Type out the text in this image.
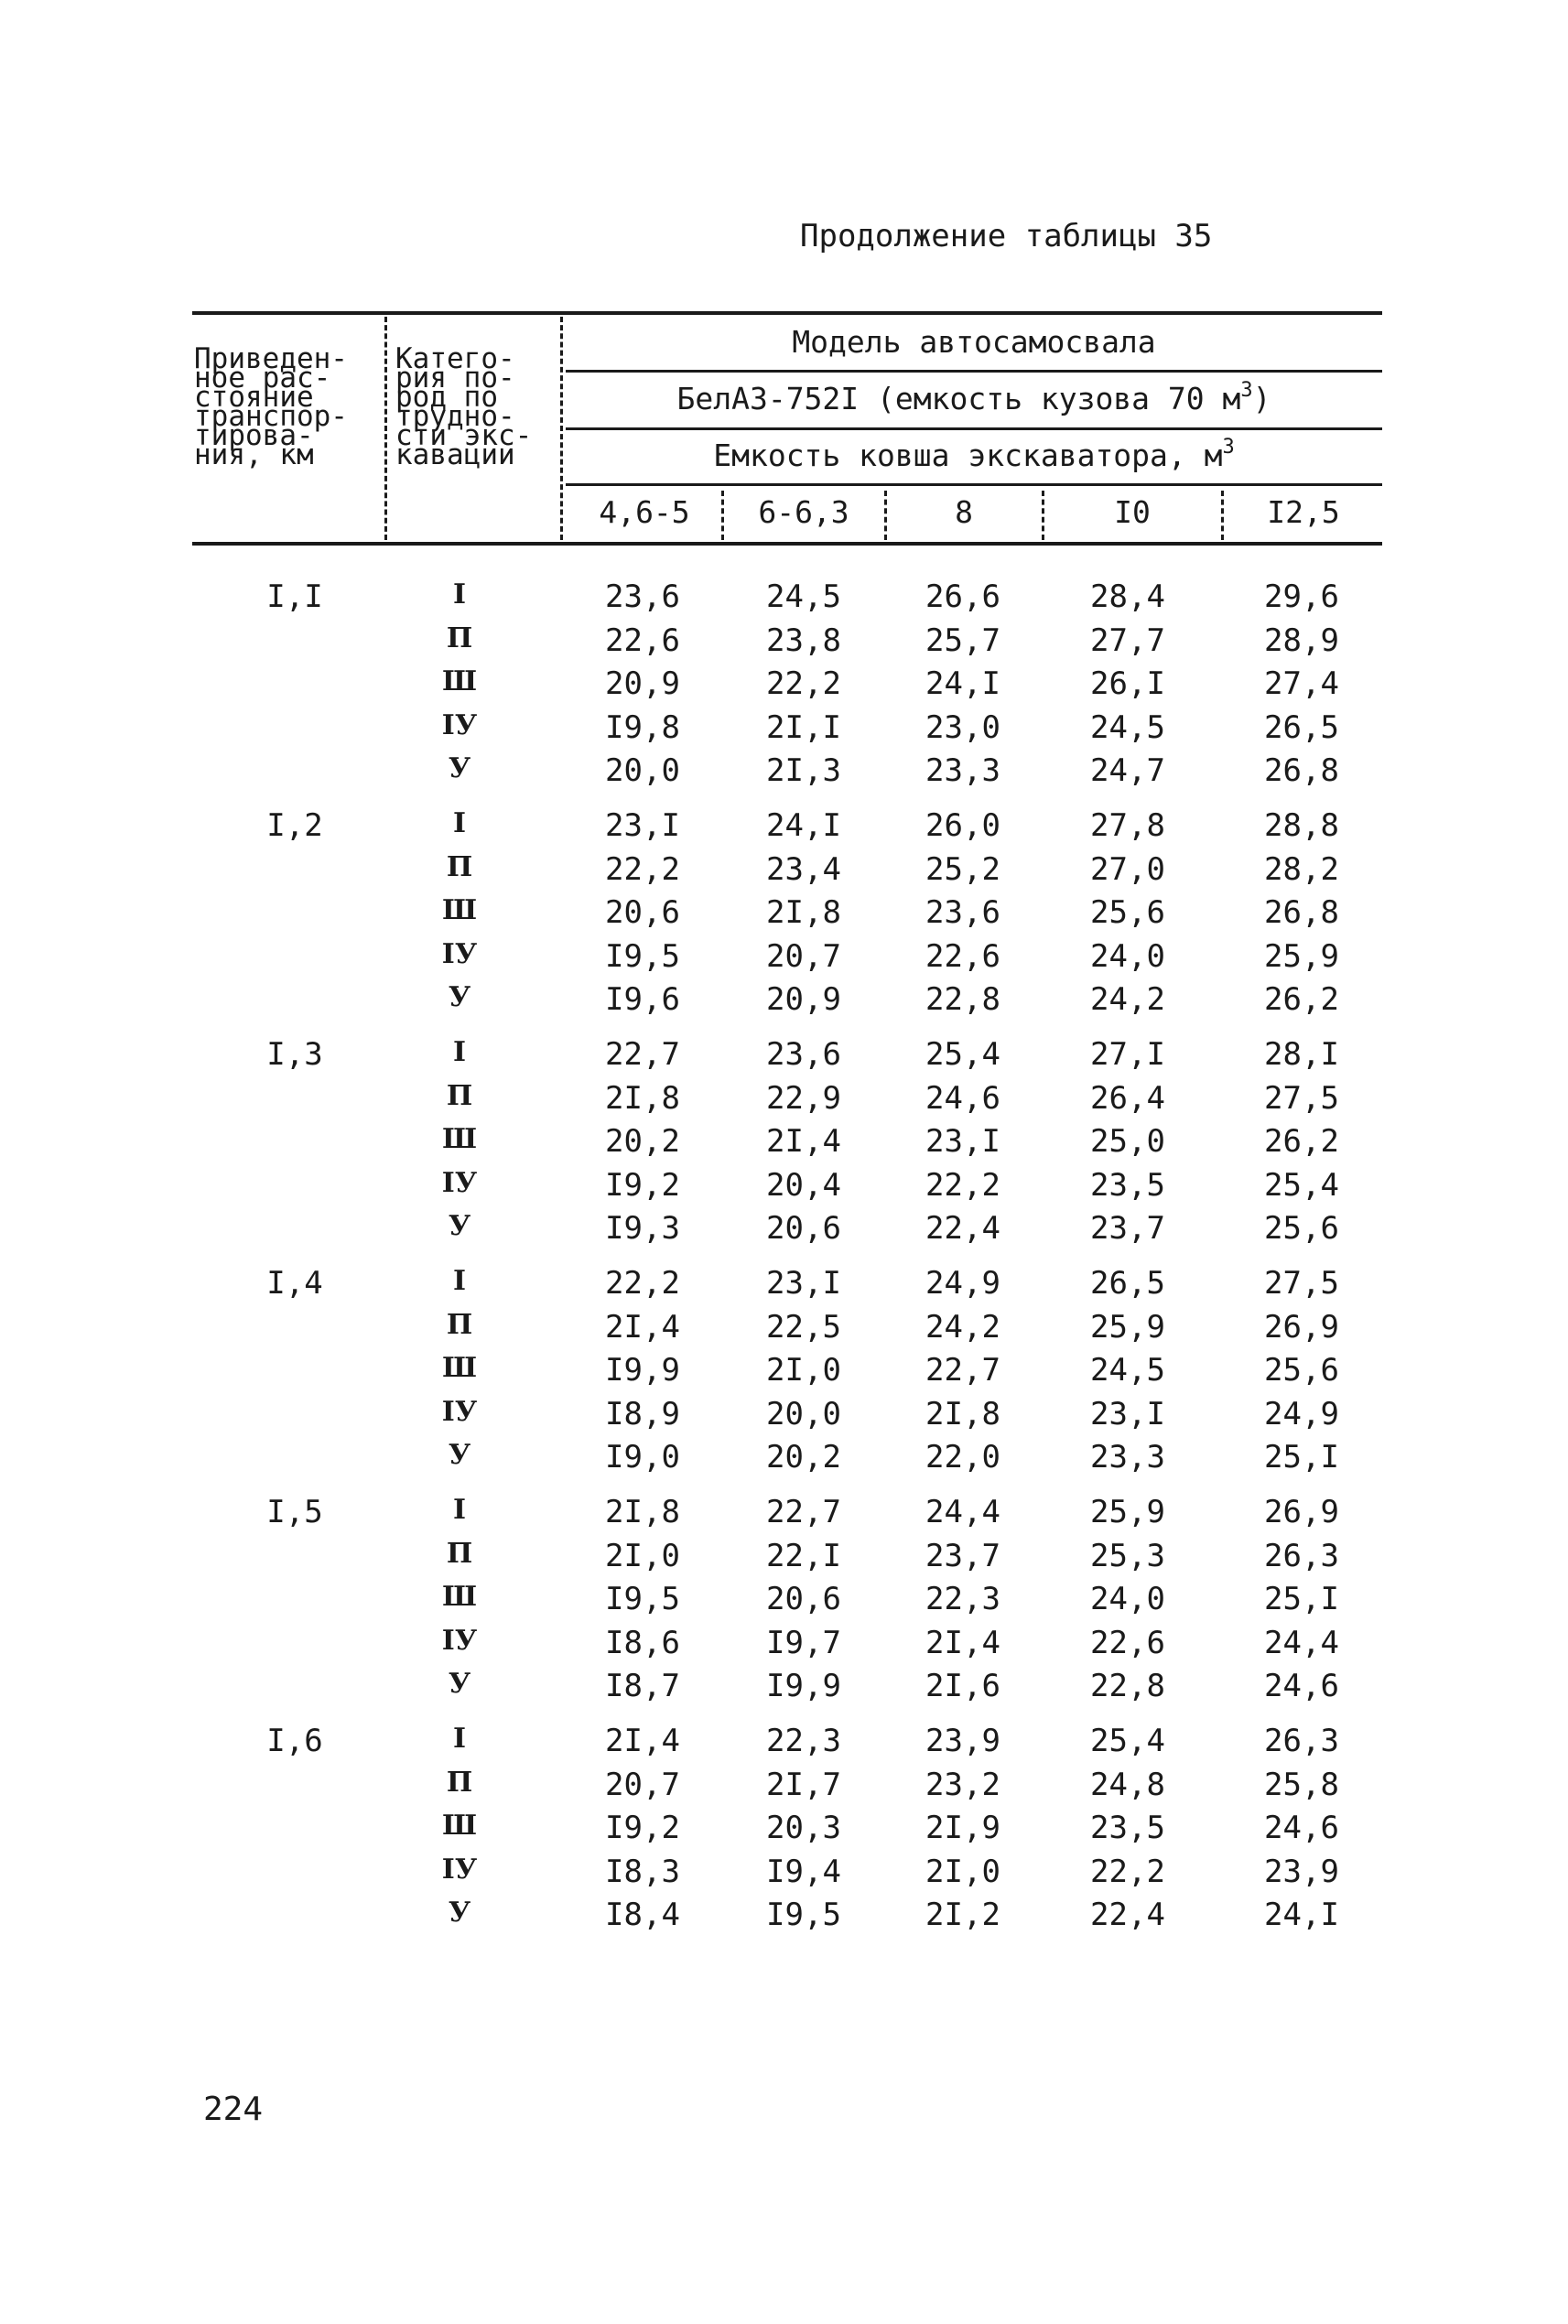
Продолжение таблицы 35
Приведен-
ное рас-
стояние
транспор-
тирова-
ния, км
Катего-
рия по-
род по
трудно-
сти экс-
кавации
Модель автосамосвала
БелАЗ-752I (емкость кузова 70 $м^3$)
Емкость ковша экскаватора, $м^3$
4,6-5	6-6,3	8	I0	I2,5
I,I	I	23,6	24,5	26,6	28,4	29,6
П	22,6	23,8	25,7	27,7	28,9
Ш	20,9	22,2	24,I	26,I	27,4
IУ	I9,8	2I,I	23,0	24,5	26,5
У	20,0	2I,3	23,3	24,7	26,8
I,2	I	23,I	24,I	26,0	27,8	28,8
П	22,2	23,4	25,2	27,0	28,2
Ш	20,6	2I,8	23,6	25,6	26,8
IУ	I9,5	20,7	22,6	24,0	25,9
У	I9,6	20,9	22,8	24,2	26,2
I,3	I	22,7	23,6	25,4	27,I	28,I
П	2I,8	22,9	24,6	26,4	27,5
Ш	20,2	2I,4	23,I	25,0	26,2
IУ	I9,2	20,4	22,2	23,5	25,4
У	I9,3	20,6	22,4	23,7	25,6
I,4	I	22,2	23,I	24,9	26,5	27,5
П	2I,4	22,5	24,2	25,9	26,9
Ш	I9,9	2I,0	22,7	24,5	25,6
IУ	I8,9	20,0	2I,8	23,I	24,9
У	I9,0	20,2	22,0	23,3	25,I
I,5	I	2I,8	22,7	24,4	25,9	26,9
П	2I,0	22,I	23,7	25,3	26,3
Ш	I9,5	20,6	22,3	24,0	25,I
IУ	I8,6	I9,7	2I,4	22,6	24,4
У	I8,7	I9,9	2I,6	22,8	24,6
I,6	I	2I,4	22,3	23,9	25,4	26,3
П	20,7	2I,7	23,2	24,8	25,8
Ш	I9,2	20,3	2I,9	23,5	24,6
IУ	I8,3	I9,4	2I,0	22,2	23,9
У	I8,4	I9,5	2I,2	22,4	24,I
224
